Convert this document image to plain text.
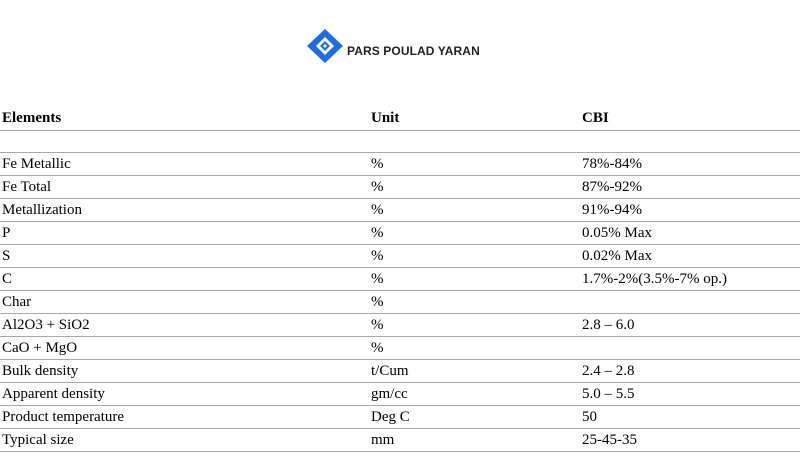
PARS POULAD YARAN
Elements	Unit	CBI
Fe Metallic	%	78%-84%
Fe Total	%	87%-92%
Metallization	%	91%-94%
P	%	0.05% Max
S	%	0.02% Max
C	%	1.7%-2%(3.5%-7% op.)
Char	%
Al2O3 + SiO2	%	2.8 – 6.0
CaO + MgO	%
Bulk density	t/Cum	2.4 – 2.8
Apparent density	gm/cc	5.0 – 5.5
Product temperature	Deg C	50
Typical size	mm	25-45-35
